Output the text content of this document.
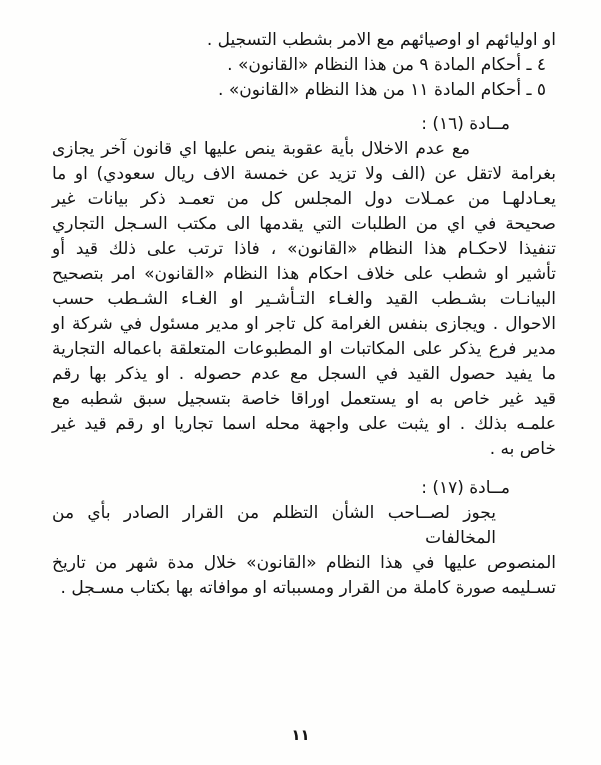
او اوليائهم او اوصيائهم مع الامر بشطب التسجيل .

٤ ـ أحكام المادة ٩ من هذا النظام «القانون» .
٥ ـ أحكام المادة ١١ من هذا النظام «القانون» .
مــادة (١٦) :
مع عدم الاخلال بأية عقوبة ينص عليها اي قانون آخر يجازى
بغرامة لاتقل عن (الف ولا تزيد عن خمسة الاف ريال سعودي) او ما
يعـادلهـا من عمـلات دول المجلس كل من تعمـد ذكر بيانات غير
صحيحة في اي من الطلبات التي يقدمها الى مكتب السـجل التجاري
تنفيذا لاحكـام هذا النظام «القانون» ، فاذا ترتب على ذلك قيد أو
تأشير او شطب على خلاف احكام هذا النظام «القانون» امر بتصحيح
البيانـات بشـطب القيد والغـاء التـأشـير او الغـاء الشـطب حسب
الاحوال . ويجازى بنفس الغرامة كل تاجر او مدير مسئول في شركة او
مدير فرع يذكر على المكاتبات او المطبوعات المتعلقة باعماله التجارية
ما يفيد حصول القيد في السجل مع عدم حصوله . او يذكر بها رقم
قيد غير خاص به او يستعمل اوراقا خاصة بتسجيل سبق شطبه مع
علمـه بذلك . او يثبت على واجهة محله اسما تجاريا او رقم قيد غير
خاص به .
مــادة (١٧) :
يجوز لصــاحب الشأن التظلم من القرار الصادر بأي من المخالفات
المنصوص عليها في هذا النظام «القانون» خلال مدة شهر من تاريخ
تسـليمه صورة كاملة من القرار ومسبباته او موافاته بها بكتاب مسـجل .
١١
